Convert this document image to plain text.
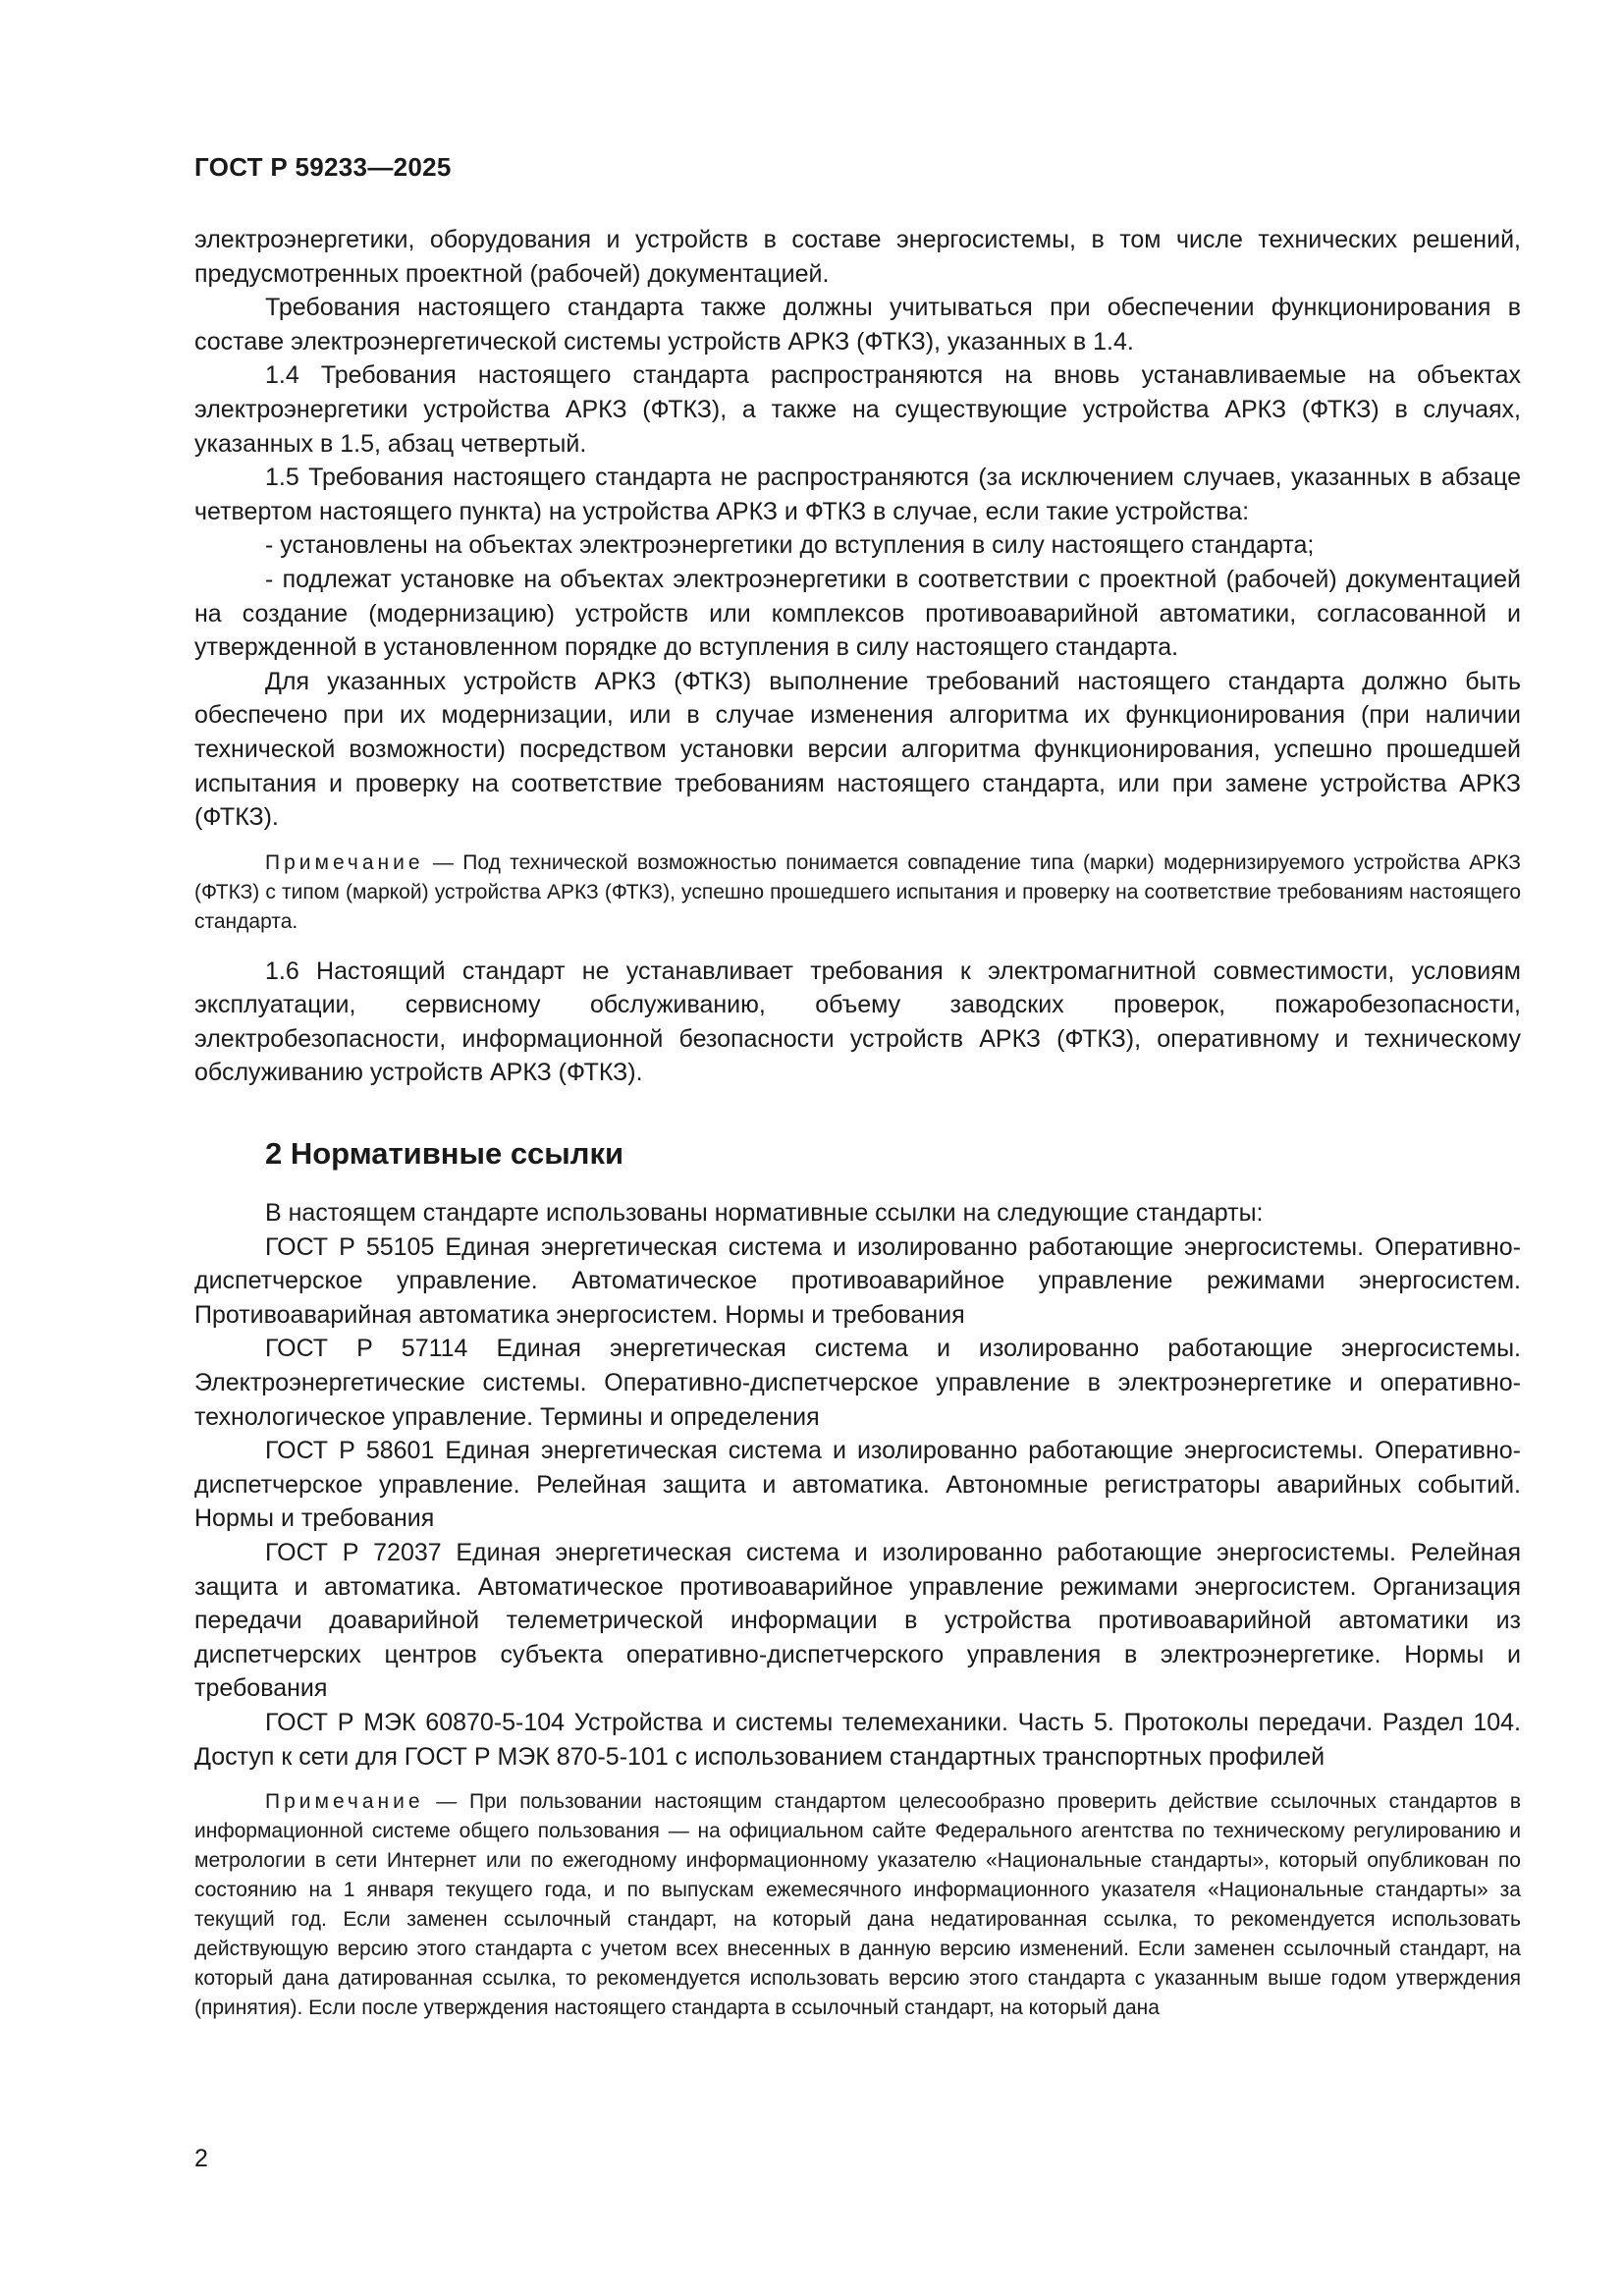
ГОСТ Р 59233—2025

электроэнергетики, оборудования и устройств в составе энергосистемы, в том числе технических решений, предусмотренных проектной (рабочей) документацией.

Требования настоящего стандарта также должны учитываться при обеспечении функционирования в составе электроэнергетической системы устройств АРКЗ (ФТКЗ), указанных в 1.4.

1.4 Требования настоящего стандарта распространяются на вновь устанавливаемые на объектах электроэнергетики устройства АРКЗ (ФТКЗ), а также на существующие устройства АРКЗ (ФТКЗ) в случаях, указанных в 1.5, абзац четвертый.

1.5 Требования настоящего стандарта не распространяются (за исключением случаев, указанных в абзаце четвертом настоящего пункта) на устройства АРКЗ и ФТКЗ в случае, если такие устройства:

- установлены на объектах электроэнергетики до вступления в силу настоящего стандарта;

- подлежат установке на объектах электроэнергетики в соответствии с проектной (рабочей) документацией на создание (модернизацию) устройств или комплексов противоаварийной автоматики, согласованной и утвержденной в установленном порядке до вступления в силу настоящего стандарта.

Для указанных устройств АРКЗ (ФТКЗ) выполнение требований настоящего стандарта должно быть обеспечено при их модернизации, или в случае изменения алгоритма их функционирования (при наличии технической возможности) посредством установки версии алгоритма функционирования, успешно прошедшей испытания и проверку на соответствие требованиям настоящего стандарта, или при замене устройства АРКЗ (ФТКЗ).

Примечание — Под технической возможностью понимается совпадение типа (марки) модернизируемого устройства АРКЗ (ФТКЗ) с типом (маркой) устройства АРКЗ (ФТКЗ), успешно прошедшего испытания и проверку на соответствие требованиям настоящего стандарта.

1.6 Настоящий стандарт не устанавливает требования к электромагнитной совместимости, условиям эксплуатации, сервисному обслуживанию, объему заводских проверок, пожаробезопасности, электробезопасности, информационной безопасности устройств АРКЗ (ФТКЗ), оперативному и техническому обслуживанию устройств АРКЗ (ФТКЗ).

2 Нормативные ссылки

В настоящем стандарте использованы нормативные ссылки на следующие стандарты:

ГОСТ Р 55105 Единая энергетическая система и изолированно работающие энергосистемы. Оперативно-диспетчерское управление. Автоматическое противоаварийное управление режимами энергосистем. Противоаварийная автоматика энергосистем. Нормы и требования

ГОСТ Р 57114 Единая энергетическая система и изолированно работающие энергосистемы. Электроэнергетические системы. Оперативно-диспетчерское управление в электроэнергетике и оперативно-технологическое управление. Термины и определения

ГОСТ Р 58601 Единая энергетическая система и изолированно работающие энергосистемы. Оперативно-диспетчерское управление. Релейная защита и автоматика. Автономные регистраторы аварийных событий. Нормы и требования

ГОСТ Р 72037 Единая энергетическая система и изолированно работающие энергосистемы. Релейная защита и автоматика. Автоматическое противоаварийное управление режимами энергосистем. Организация передачи доаварийной телеметрической информации в устройства противоаварийной автоматики из диспетчерских центров субъекта оперативно-диспетчерского управления в электроэнергетике. Нормы и требования

ГОСТ Р МЭК 60870-5-104 Устройства и системы телемеханики. Часть 5. Протоколы передачи. Раздел 104. Доступ к сети для ГОСТ Р МЭК 870-5-101 с использованием стандартных транспортных профилей

Примечание — При пользовании настоящим стандартом целесообразно проверить действие ссылочных стандартов в информационной системе общего пользования — на официальном сайте Федерального агентства по техническому регулированию и метрологии в сети Интернет или по ежегодному информационному указателю «Национальные стандарты», который опубликован по состоянию на 1 января текущего года, и по выпускам ежемесячного информационного указателя «Национальные стандарты» за текущий год. Если заменен ссылочный стандарт, на который дана недатированная ссылка, то рекомендуется использовать действующую версию этого стандарта с учетом всех внесенных в данную версию изменений. Если заменен ссылочный стандарт, на который дана датированная ссылка, то рекомендуется использовать версию этого стандарта с указанным выше годом утверждения (принятия). Если после утверждения настоящего стандарта в ссылочный стандарт, на который дана
2
